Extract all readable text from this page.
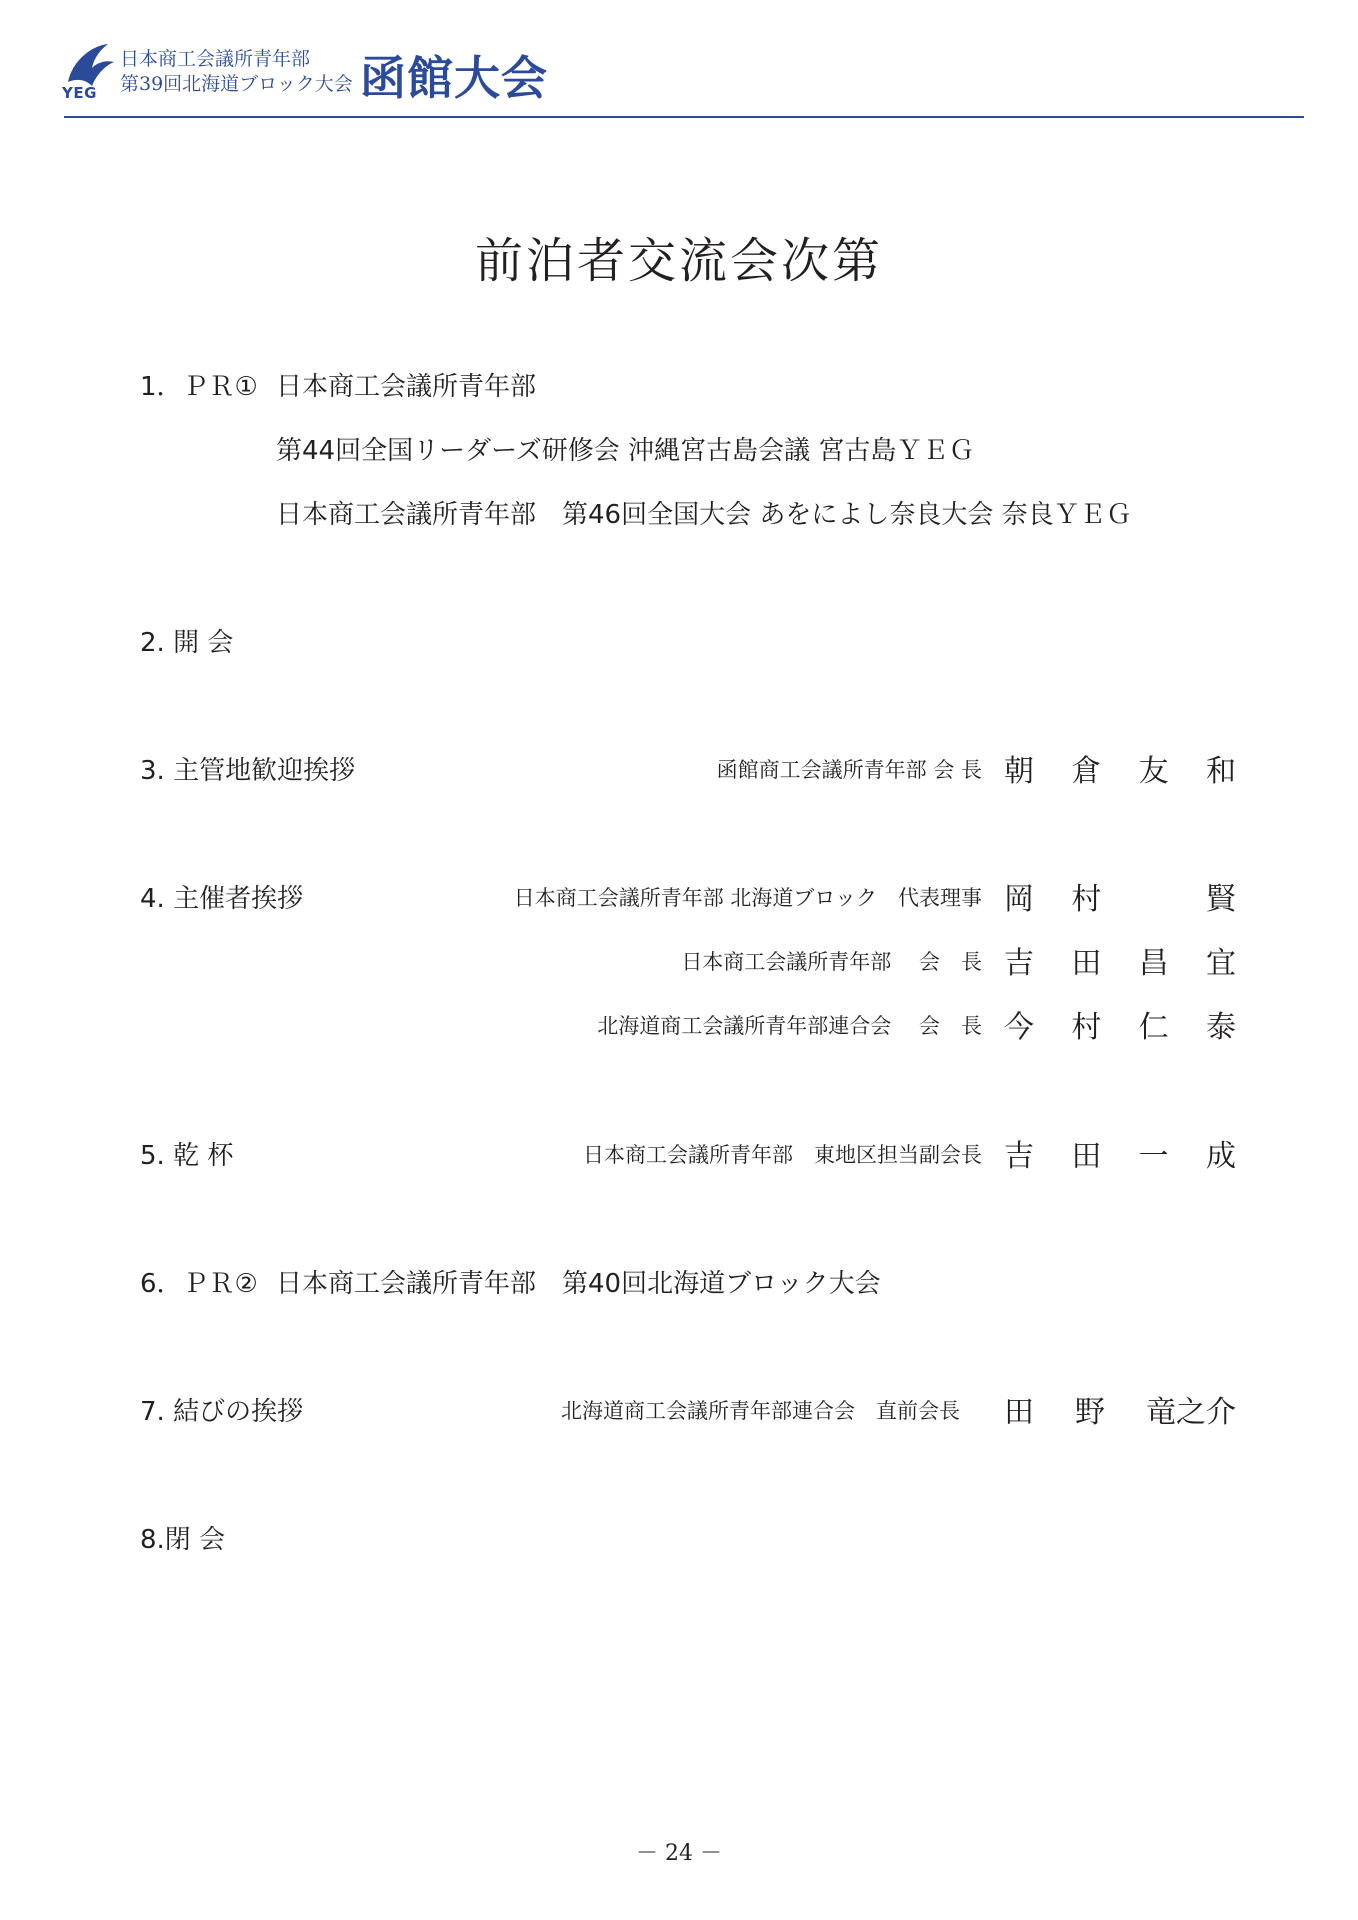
YEG
日本商工会議所青年部
第39回北海道ブロック大会 函館大会
前泊者交流会次第
1．ＰＲ① 日本商工会議所青年部
第44回全国リーダーズ研修会 沖縄宮古島会議 宮古島ＹＥＧ
日本商工会議所青年部　第46回全国大会 あをによし奈良大会 奈良ＹＥＧ
2. 開 会
3. 主管地歓迎挨拶	函館商工会議所青年部 会 長 朝 倉 友 和
4. 主催者挨拶	日本商工会議所青年部 北海道ブロック　代表理事 岡 村	賢
日本商工会議所青年部　 会　長 吉 田 昌 宜
北海道商工会議所青年部連合会　 会　長 今 村 仁 泰
5. 乾 杯	日本商工会議所青年部　東地区担当副会長 吉 田 一 成
6．ＰＲ② 日本商工会議所青年部　第40回北海道ブロック大会
7. 結びの挨拶	北海道商工会議所青年部連合会　直前会長 田 野 竜之介
8.閉 会
－ 24 －
